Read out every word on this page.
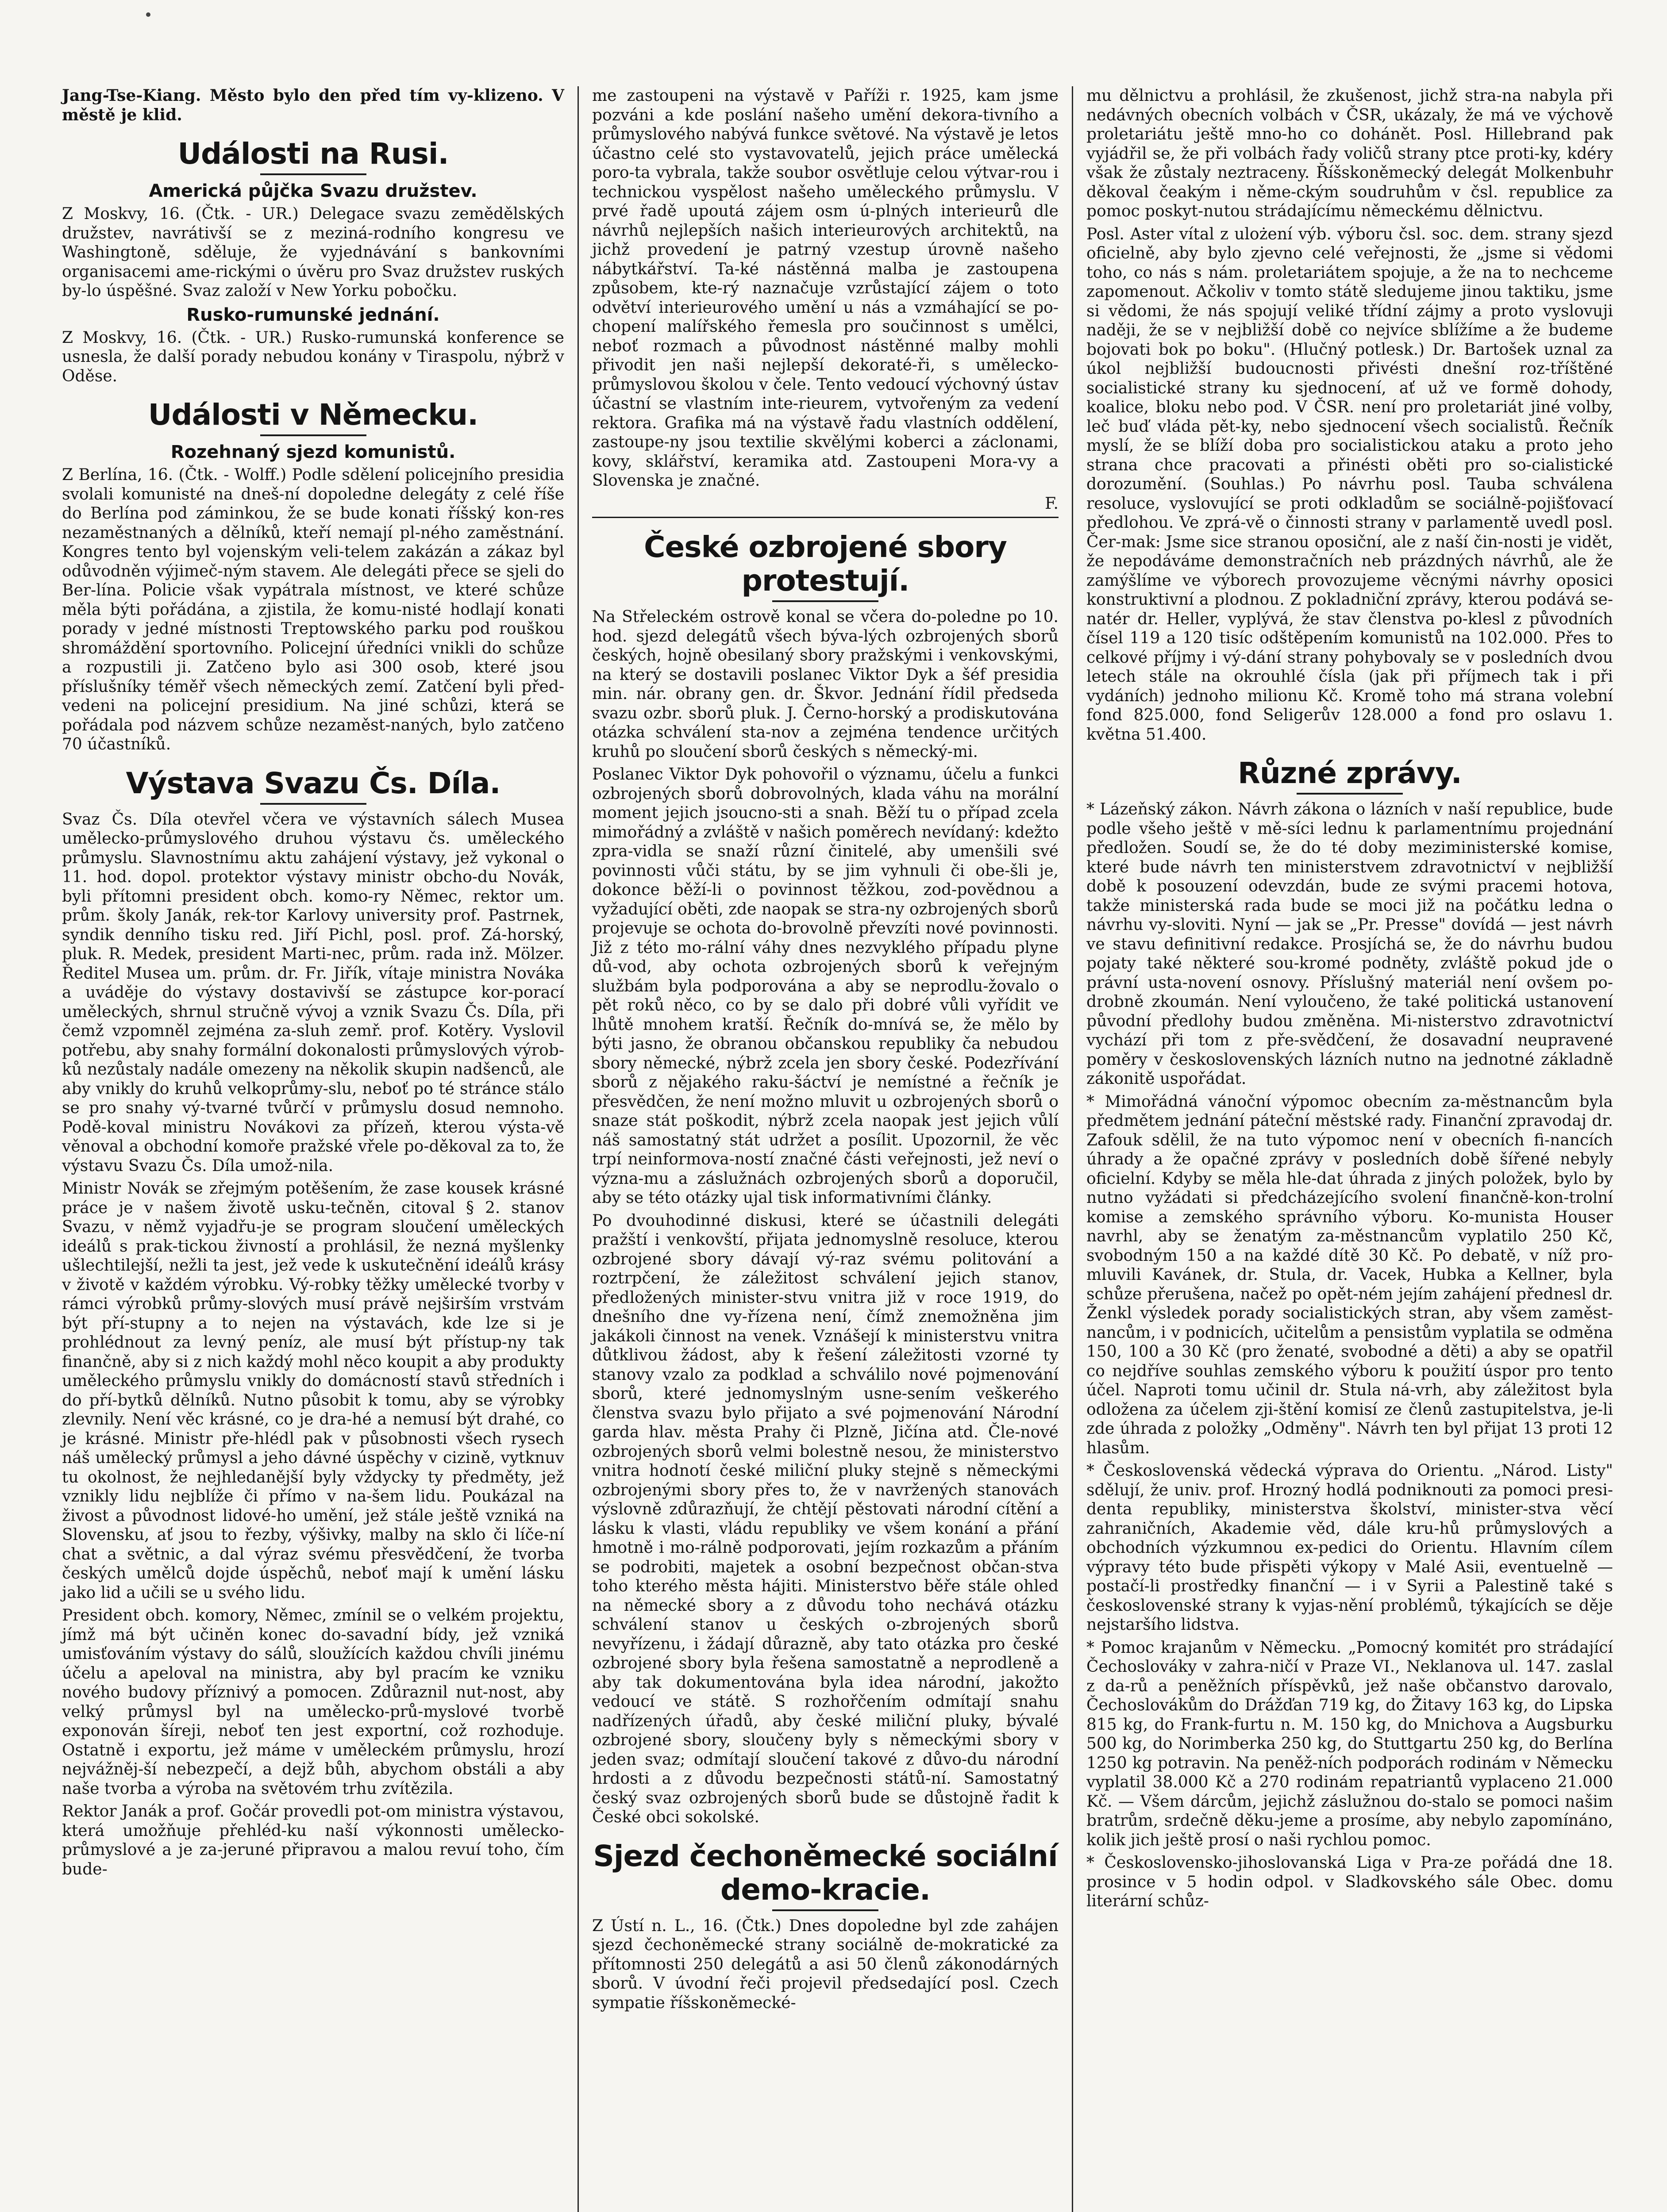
Jang-Tse-Kiang. Město bylo den před tím vy-klizeno. V městě je klid.

Události na Rusi.
Americká půjčka Svazu družstev.

Z Moskvy, 16. (Čtk. - UR.) Delegace svazu zemědělských družstev, navrátivší se z meziná-rodního kongresu ve Washingtoně, sděluje, že vyjednávání s bankovními organisacemi ame-rickými o úvěru pro Svaz družstev ruských by-lo úspěšné. Svaz založí v New Yorku pobočku.

Rusko-rumunské jednání.

Z Moskvy, 16. (Čtk. - UR.) Rusko-rumunská konference se usnesla, že další porady nebudou konány v Tiraspolu, nýbrž v Oděse.

Události v Německu.
Rozehnaný sjezd komunistů.

Z Berlína, 16. (Čtk. - Wolff.) Podle sdělení policejního presidia svolali komunisté na dneš-ní dopoledne delegáty z celé říše do Berlína pod záminkou, že se bude konati říšský kon-res nezaměstnaných a dělníků, kteří nemají pl-ného zaměstnání. Kongres tento byl vojenským veli-telem zakázán a zákaz byl odůvodněn výjimeč-ným stavem. Ale delegáti přece se sjeli do Ber-lína. Policie však vypátrala místnost, ve které schůze měla býti pořádána, a zjistila, že komu-nisté hodlají konati porady v jedné místnosti Treptowského parku pod rouškou shromáždění sportovního. Policejní úředníci vnikli do schůze a rozpustili ji. Zatčeno bylo asi 300 osob, které jsou příslušníky téměř všech německých zemí. Zatčení byli před-vedeni na policejní presidium. Na jiné schůzi, která se pořádala pod názvem schůze nezaměst-naných, bylo zatčeno 70 účastníků.

Výstava Svazu Čs. Díla.

Svaz Čs. Díla otevřel včera ve výstavních sálech Musea umělecko-průmyslového druhou výstavu čs. uměleckého průmyslu. Slavnostnímu aktu zahájení výstavy, jež vykonal o 11. hod. dopol. protektor výstavy ministr obcho-du Novák, byli přítomni president obch. komo-ry Němec, rektor um. prům. školy Janák, rek-tor Karlovy university prof. Pastrnek, syndik denního tisku red. Jiří Pichl, posl. prof. Zá-horský, pluk. R. Medek, president Marti-nec, prům. rada inž. Mölzer. Ředitel Musea um. prům. dr. Fr. Jiřík, vítaje ministra Nováka a uváděje do výstavy dostavivší se zástupce kor-porací uměleckých, shrnul stručně vývoj a vznik Svazu Čs. Díla, při čemž vzpomněl zejména za-sluh zemř. prof. Kotěry. Vyslovil potřebu, aby snahy formální dokonalosti průmyslových výrob-ků nezůstaly nadále omezeny na několik skupin nadšenců, ale aby vnikly do kruhů velkoprůmy-slu, neboť po té stránce stálo se pro snahy vý-tvarné tvůrčí v průmyslu dosud nemnoho. Podě-koval ministru Novákovi za přízeň, kterou výsta-vě věnoval a obchodní komoře pražské vřele po-děkoval za to, že výstavu Svazu Čs. Díla umož-nila.

Ministr Novák se zřejmým potěšením, že zase kousek krásné práce je v našem životě usku-tečněn, citoval § 2. stanov Svazu, v němž vyjadřu-je se program sloučení uměleckých ideálů s prak-tickou živností a prohlásil, že nezná myšlenky ušlechtilejší, nežli ta jest, jež vede k uskutečnění ideálů krásy v životě v každém výrobku. Vý-robky těžky umělecké tvorby v rámci výrobků průmy-slových musí právě nejširším vrstvám být pří-stupny a to nejen na výstavách, kde lze si je prohlédnout za levný peníz, ale musí být přístup-ny tak finančně, aby si z nich každý mohl něco koupit a aby produkty uměleckého průmyslu vnikly do domácností stavů středních i do pří-bytků dělníků. Nutno působit k tomu, aby se výrobky zlevnily. Není věc krásné, co je dra-hé a nemusí být drahé, co je krásné. Ministr pře-hlédl pak v působnosti všech rysech náš umělecký průmysl a jeho dávné úspěchy v cizině, vytknuv tu okolnost, že nejhledanější byly vždycky ty předměty, jež vznikly lidu nejblíže či přímo v na-šem lidu. Poukázal na živost a původnost lidové-ho umění, jež stále ještě vzniká na Slovensku, ať jsou to řezby, výšivky, malby na sklo či líče-ní chat a světnic, a dal výraz svému přesvědčení, že tvorba českých umělců dojde úspěchů, neboť mají k umění lásku jako lid a učili se u svého lidu.

President obch. komory, Němec, zmínil se o velkém projektu, jímž má být učiněn konec do-savadní bídy, jež vzniká umisťováním výstavy do sálů, sloužících každou chvíli jinému účelu a apeloval na ministra, aby byl pracím ke vzniku nového budovy příznivý a pomocen. Zdůraznil nut-nost, aby velký průmysl byl na umělecko-prů-myslové tvorbě exponován šíreji, neboť ten jest exportní, což rozhoduje. Ostatně i exportu, jež máme v uměleckém průmyslu, hrozí nejvážněj-ší nebezpečí, a dejž bůh, abychom obstáli a aby naše tvorba a výroba na světovém trhu zvítězila.

Rektor Janák a prof. Gočár provedli pot-om ministra výstavou, která umožňuje přehléd-ku naší výkonnosti umělecko-průmyslové a je za-jeruné připravou a malou revuí toho, čím bude-

me zastoupeni na výstavě v Paříži r. 1925, kam jsme pozváni a kde poslání našeho umění dekora-tivního a průmyslového nabývá funkce světové. Na výstavě je letos účastno celé sto vystavovatelů, jejich práce umělecká poro-ta vybrala, takže soubor osvětluje celou výtvar-rou i technickou vyspělost našeho uměleckého průmyslu. V prvé řadě upoutá zájem osm ú-plných interieurů dle návrhů nejlepších našich interieurových architektů, na jichž provedení je patrný vzestup úrovně našeho nábytkářství. Ta-ké nástěnná malba je zastoupena způsobem, kte-rý naznačuje vzrůstající zájem o toto odvětví interieurového umění u nás a vzmáhající se po-chopení malířského řemesla pro součinnost s umělci, neboť rozmach a původnost nástěnné malby mohli přivodit jen naši nejlepší dekoraté-ři, s umělecko-průmyslovou školou v čele. Tento vedoucí výchovný ústav účastní se vlastním inte-rieurem, vytvořeným za vedení rektora. Grafika má na výstavě řadu vlastních oddělení, zastoupe-ny jsou textilie skvělými koberci a záclonami, kovy, sklářství, keramika atd. Zastoupeni Mora-vy a Slovenska je značné.

F.

České ozbrojené sbory protestují.

Na Střeleckém ostrově konal se včera do-poledne po 10. hod. sjezd delegátů všech býva-lých ozbrojených sborů českých, hojně obesilaný sbory pražskými i venkovskými, na který se dostavili poslanec Viktor Dyk a šéf presidia min. nár. obrany gen. dr. Škvor. Jednání řídil předseda svazu ozbr. sborů pluk. J. Černo-horský a prodiskutována otázka schválení sta-nov a zejména tendence určitých kruhů po sloučení sborů českých s německý-mi.

Poslanec Viktor Dyk pohovořil o významu, účelu a funkci ozbrojených sborů dobrovolných, klada váhu na morální moment jejich jsoucno-sti a snah. Běží tu o případ zcela mimořádný a zvláště v našich poměrech nevídaný: kdežto zpra-vidla se snaží různí činitelé, aby umenšili své povinnosti vůči státu, by se jim vyhnuli či obe-šli je, dokonce běží-li o povinnost těžkou, zod-povědnou a vyžadující oběti, zde naopak se stra-ny ozbrojených sborů projevuje se ochota do-brovolně převzíti nové povinnosti. Již z této mo-rální váhy dnes nezvyklého případu plyne dů-vod, aby ochota ozbrojených sborů k veřejným službám byla podporována a aby se neprodlu-žovalo o pět roků něco, co by se dalo při dobré vůli vyřídit ve lhůtě mnohem kratší. Řečník do-mnívá se, že mělo by býti jasno, že obranou občanskou republiky ča nebudou sbory německé, nýbrž zcela jen sbory české. Podezřívání sborů z nějakého raku-šáctví je nemístné a řečník je přesvědčen, že není možno mluvit u ozbrojených sborů o snaze stát poškodit, nýbrž zcela naopak jest jejich vůlí náš samostatný stát udržet a posílit. Upozornil, že věc trpí neinformova-ností značné části veřejnosti, jež neví o význa-mu a záslužnách ozbrojených sborů a doporučil, aby se této otázky ujal tisk informativními články.

Po dvouhodinné diskusi, které se účastnili delegáti pražští i venkovští, přijata jednomyslně resoluce, kterou ozbrojené sbory dávají vý-raz svému politování a roztrpčení, že záležitost schválení jejich stanov, předložených minister-stvu vnitra již v roce 1919, do dnešního dne vy-řízena není, čímž znemožněna jim jakákoli činnost na venek. Vznášejí k ministerstvu vnitra důtklivou žádost, aby k řešení záležitosti vzorné ty stanovy vzalo za podklad a schválilo nové pojmenování sborů, které jednomyslným usne-sením veškerého členstva svazu bylo přijato a své pojmenování Národní garda hlav. města Prahy či Plzně, Jičína atd. Čle-nové ozbrojených sborů velmi bolestně nesou, že ministerstvo vnitra hodnotí české miliční pluky stejně s německými ozbrojenými sbory přes to, že v navržených stanovách výslovně zdůrazňují, že chtějí pěstovati národní cítění a lásku k vlasti, vládu republiky ve všem konání a přání hmotně i mo-rálně podporovati, jejím rozkazům a přáním se podrobiti, majetek a osobní bezpečnost občan-stva toho kterého města hájiti. Ministerstvo běře stále ohled na německé sbory a z důvodu toho nechává otázku schválení stanov u českých o-zbrojených sborů nevyřízenu, i žádají důrazně, aby tato otázka pro české ozbrojené sbory byla řešena samostatně a neprodleně a aby tak dokumentována byla idea národní, jakožto vedoucí ve státě. S rozhořčením odmítají snahu nadřízených úřadů, aby české miliční pluky, bývalé ozbrojené sbory, sloučeny byly s německými sbory v jeden svaz; odmítají sloučení takové z důvo-du národní hrdosti a z důvodu bezpečnosti států-ní. Samostatný český svaz ozbrojených sborů bude se důstojně řadit k České obci sokolské.

Sjezd čechoněmecké sociální demo-kracie.

Z Ústí n. L., 16. (Čtk.) Dnes dopoledne byl zde zahájen sjezd čechoněmecké strany sociálně de-mokratické za přítomnosti 250 delegátů a asi 50 členů zákonodárných sborů. V úvodní řeči projevil předsedající posl. Czech sympatie říšskoněmecké-

mu dělnictvu a prohlásil, že zkušenost, jichž stra-na nabyla při nedávných obecních volbách v ČSR, ukázaly, že má ve výchově proletariátu ještě mno-ho co dohánět. Posl. Hillebrand pak vyjádřil se, že při volbách řady voličů strany ptce proti-ky, kdéry však že zůstaly neztraceny. Říšskoněmecký delegát Molkenbuhr děkoval čeakým i něme-ckým soudruhům v čsl. republice za pomoc poskyt-nutou strádajícímu německému dělnictvu.

Posl. Aster vítal z ulożení výb. výboru čsl. soc. dem. strany sjezd oficielně, aby bylo zjevno celé veřejnosti, že „jsme si vědomi toho, co nás s nám. proletariátem spojuje, a že na to nechceme zapomenout. Ačkoliv v tomto státě sledujeme jinou taktiku, jsme si vědomi, že nás spojují veliké třídní zájmy a proto vyslovuji naději, že se v nejbližší době co nejvíce sblížíme a že budeme bojovati bok po boku". (Hlučný potlesk.) Dr. Bartošek uznal za úkol nejbližší budoucnosti přivésti dnešní roz-tříštěné socialistické strany ku sjednocení, ať už ve formě dohody, koalice, bloku nebo pod. V ČSR. není pro proletariát jiné volby, leč buď vláda pět-ky, nebo sjednocení všech socialistů. Řečník myslí, že se blíží doba pro socialistickou ataku a proto jeho strana chce pracovati a přinésti oběti pro so-cialistické dorozumění. (Souhlas.) Po návrhu posl. Tauba schválena resoluce, vyslovující se proti odkladům se sociálně-pojišťovací předlohou. Ve zprá-vě o činnosti strany v parlamentě uvedl posl. Čer-mak: Jsme sice stranou oposiční, ale z naší čin-nosti je vidět, že nepodáváme demonstračních neb prázdných návrhů, ale že zamýšlíme ve výborech provozujeme věcnými návrhy oposici konstruktivní a plodnou. Z pokladniční zprávy, kterou podává se-natér dr. Heller, vyplývá, že stav členstva po-klesl z původních čísel 119 a 120 tisíc odštěpením komunistů na 102.000. Přes to celkové příjmy i vý-dání strany pohybovaly se v posledních dvou letech stále na okrouhlé čísla (jak při příjmech tak i při vydáních) jednoho milionu Kč. Kromě toho má strana volební fond 825.000, fond Seligerův 128.000 a fond pro oslavu 1. května 51.400.

Různé zprávy.

* Lázeňský zákon. Návrh zákona o lázních v naší republice, bude podle všeho ještě v mě-síci lednu k parlamentnímu projednání předložen. Soudí se, že do té doby meziministerské komise, které bude návrh ten ministerstvem zdravotnictví v nejbližší době k posouzení odevzdán, bude ze svými pracemi hotova, takže ministerská rada bude se moci již na počátku ledna o návrhu vy-sloviti. Nyní — jak se „Pr. Presse" dovídá — jest návrh ve stavu definitivní redakce. Prosjíchá se, že do návrhu budou pojaty také některé sou-kromé podněty, zvláště pokud jde o právní usta-novení osnovy. Příslušný materiál není ovšem po-drobně zkoumán. Není vyloučeno, že také politická ustanovení původní předlohy budou změněna. Mi-nisterstvo zdravotnictví vychází při tom z pře-svědčení, že dosavadní neupravené poměry v československých lázních nutno na jednotné základně zákonitě uspořádat.

* Mimořádná vánoční výpomoc obecním za-městnancům byla předmětem jednání páteční městské rady. Finanční zpravodaj dr. Zafouk sdělil, že na tuto výpomoc není v obecních fi-nancích úhrady a že opačné zprávy v posledních době šířené nebyly oficielní. Kdyby se měla hle-dat úhrada z jiných položek, bylo by nutno vyžádati si předcházejícího svolení finančně-kon-trolní komise a zemského správního výboru. Ko-munista Houser navrhl, aby se ženatým za-městnancům vyplatilo 250 Kč, svobodným 150 a na každé dítě 30 Kč. Po debatě, v níž pro-mluvili Kavánek, dr. Stula, dr. Vacek, Hubka a Kellner, byla schůze přerušena, načež po opět-ném jejím zahájení přednesl dr. Ženkl výsledek porady socialistických stran, aby všem zaměst-nancům, i v podnicích, učitelům a pensistům vyplatila se odměna 150, 100 a 30 Kč (pro ženaté, svobodné a děti) a aby se opatřil co nejdříve souhlas zemského výboru k použití úspor pro tento účel. Naproti tomu učinil dr. Stula ná-vrh, aby záležitost byla odložena za účelem zji-štění komisí ze členů zastupitelstva, je-li zde úhrada z položky „Odměny". Návrh ten byl přijat 13 proti 12 hlasům.

* Československá vědecká výprava do Orientu. „Národ. Listy" sdělují, že univ. prof. Hrozný hodlá podniknouti za pomoci presi-denta republiky, ministerstva školství, minister-stva věcí zahraničních, Akademie věd, dále kru-hů průmyslových a obchodních výzkumnou ex-pedici do Orientu. Hlavním cílem výpravy této bude přispěti výkopy v Malé Asii, eventuelně — postačí-li prostředky finanční — i v Syrii a Palestině také s československé strany k vyjas-nění problémů, týkajících se děje nejstaršího lidstva.

* Pomoc krajanům v Německu. „Pomocný komitét pro strádající Čechoslováky v zahra-ničí v Praze VI., Neklanova ul. 147. zaslal z da-rů a peněžních příspěvků, jež naše občanstvo darovalo, Čechoslovákům do Drážďan 719 kg, do Žitavy 163 kg, do Lipska 815 kg, do Frank-furtu n. M. 150 kg, do Mnichova a Augsburku 500 kg, do Norimberka 250 kg, do Stuttgartu 250 kg, do Berlína 1250 kg potravin. Na peněž-ních podporách rodinám v Německu vyplatil 38.000 Kč a 270 rodinám repatriantů vyplaceno 21.000 Kč. — Všem dárcům, jejichž záslužnou do-stalo se pomoci našim bratrům, srdečně děku-jeme a prosíme, aby nebylo zapomínáno, kolik jich ještě prosí o naši rychlou pomoc.

* Československo-jihoslovanská Liga v Pra-ze pořádá dne 18. prosince v 5 hodin odpol. v Sladkovského sále Obec. domu literární schůz-
